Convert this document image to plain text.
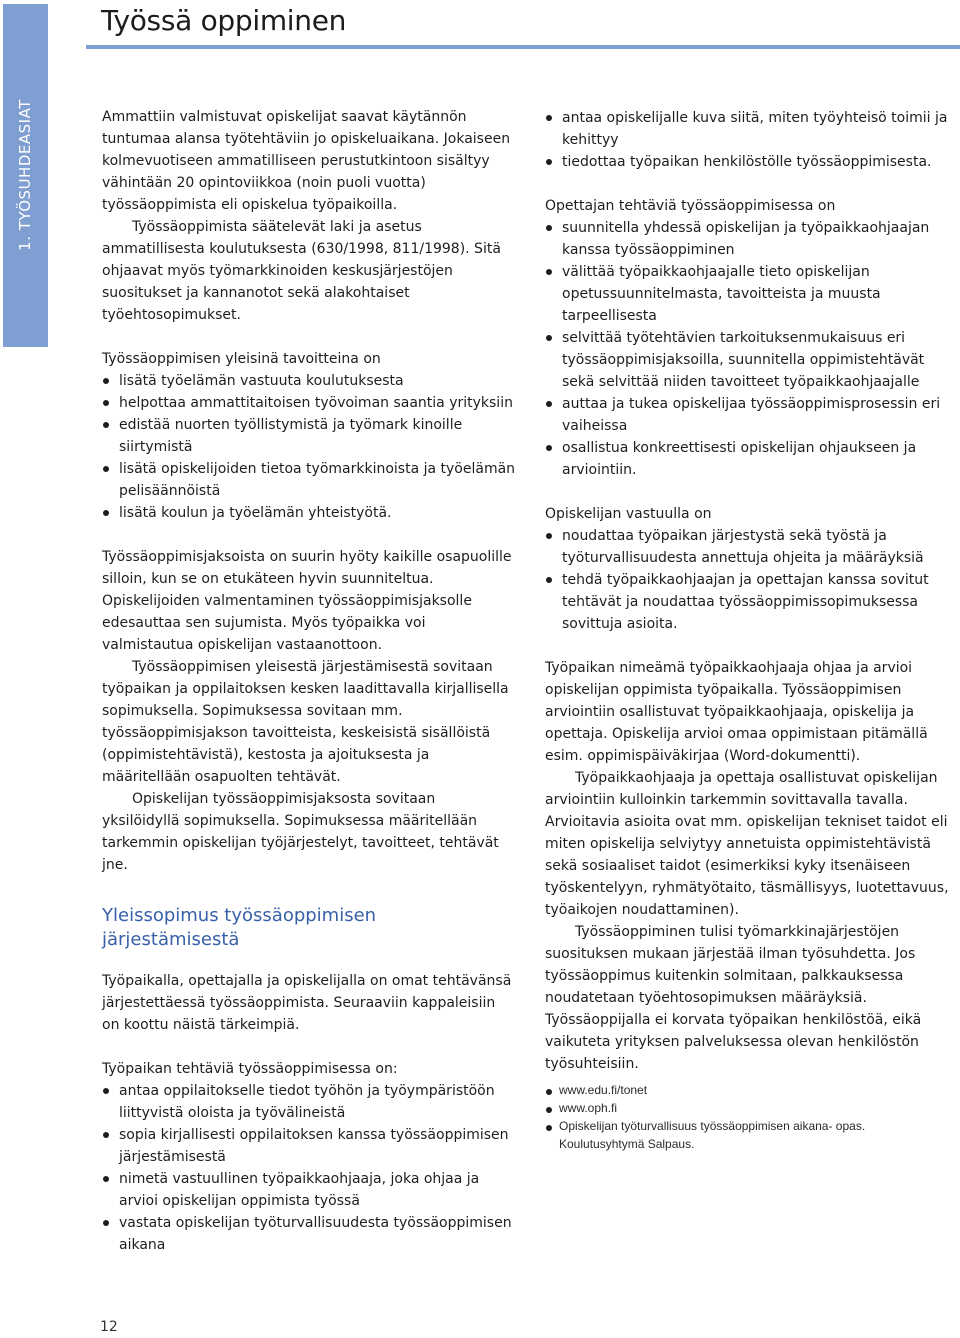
1. TYÖSUHDEASIAT
Työssä oppiminen

Ammattiin valmistuvat opiskelijat saavat käytännön tuntumaa alansa työtehtäviin jo opiskeluaikana. Jokaiseen kolmevuotiseen ammatilliseen perustutkintoon sisältyy vähintään 20 opintoviikkoa (noin puoli vuotta) työssäoppimista eli opiskelua työpaikoilla.

Työssäoppimista säätelevät laki ja asetus ammatillisesta koulutuksesta (630/1998, 811/1998). Sitä ohjaavat myös työmarkkinoiden keskusjärjestöjen suositukset ja kannanotot sekä alakohtaiset työehtosopimukset.

Työssäoppimisen yleisinä tavoitteina on

lisätä työelämän vastuuta koulutuksesta
helpottaa ammattitaitoisen työvoiman saantia yrityksiin
edistää nuorten työllistymistä ja työmark kinoille siirtymistä
lisätä opiskelijoiden tietoa työmarkkinoista ja työelämän pelisäännöistä
lisätä koulun ja työelämän yhteistyötä.

Työssäoppimisjaksoista on suurin hyöty kaikille osapuolille silloin, kun se on etukäteen hyvin suunniteltua. Opiskelijoiden valmentaminen työssäoppimisjaksolle edesauttaa sen sujumista. Myös työpaikka voi valmistautua opiskelijan vastaanottoon.

Työssäoppimisen yleisestä järjestämisestä sovitaan työpaikan ja oppilaitoksen kesken laadittavalla kirjallisella sopimuksella. Sopimuksessa sovitaan mm. työssäoppimisjakson tavoitteista, keskeisistä sisällöistä (oppimistehtävistä), kestosta ja ajoituksesta ja määritellään osapuolten tehtävät.

Opiskelijan työssäoppimisjaksosta sovitaan yksilöidyllä sopimuksella. Sopimuksessa määritellään tarkemmin opiskelijan työjärjestelyt, tavoitteet, tehtävät jne.

Yleissopimus työssäoppimisen järjestämisestä

Työpaikalla, opettajalla ja opiskelijalla on omat tehtävänsä järjestettäessä työssäoppimista. Seuraaviin kappaleisiin on koottu näistä tärkeimpiä.

Työpaikan tehtäviä työssäoppimisessa on:

antaa oppilaitokselle tiedot työhön ja työympäristöön liittyvistä oloista ja työvälineistä
sopia kirjallisesti oppilaitoksen kanssa työssäoppimisen järjestämisestä
nimetä vastuullinen työpaikkaohjaaja, joka ohjaa ja arvioi opiskelijan oppimista työssä
vastata opiskelijan työturvallisuudesta työssäoppimisen aikana
antaa opiskelijalle kuva siitä, miten työyhteisö toimii ja kehittyy
tiedottaa työpaikan henkilöstölle työssäoppimisesta.

Opettajan tehtäviä työssäoppimisessa on

suunnitella yhdessä opiskelijan ja työpaikkaohjaajan kanssa työssäoppiminen
välittää työpaikkaohjaajalle tieto opiskelijan opetussuunnitelmasta, tavoitteista ja muusta tarpeellisesta
selvittää työtehtävien tarkoituksenmukaisuus eri työssäoppimisjaksoilla, suunnitella oppimistehtävät sekä selvittää niiden tavoitteet työpaikkaohjaajalle
auttaa ja tukea opiskelijaa työssäoppimisprosessin eri vaiheissa
osallistua konkreettisesti opiskelijan ohjaukseen ja arviointiin.

Opiskelijan vastuulla on

noudattaa työpaikan järjestystä sekä työstä ja työturvallisuudesta annettuja ohjeita ja määräyksiä
tehdä työpaikkaohjaajan ja opettajan kanssa sovitut tehtävät ja noudattaa työssäoppimissopimuksessa sovittuja asioita.

Työpaikan nimeämä työpaikkaohjaaja ohjaa ja arvioi opiskelijan oppimista työpaikalla. Työssäoppimisen arviointiin osallistuvat työpaikkaohjaaja, opiskelija ja opettaja. Opiskelija arvioi omaa oppimistaan pitämällä esim. oppimispäiväkirjaa (Word-dokumentti).

Työpaikkaohjaaja ja opettaja osallistuvat opiskelijan arviointiin kulloinkin tarkemmin sovittavalla tavalla. Arvioitavia asioita ovat mm. opiskelijan tekniset taidot eli miten opiskelija selviytyy annetuista oppimistehtävistä sekä sosiaaliset taidot (esimerkiksi kyky itsenäiseen työskentelyyn, ryhmätyötaito, täsmällisyys, luotettavuus, työaikojen noudattaminen).

Työssäoppiminen tulisi työmarkkinajärjestöjen suosituksen mukaan järjestää ilman työsuhdetta. Jos työssäoppimus kuitenkin solmitaan, palkkauksessa noudatetaan työehtosopimuksen määräyksiä. Työssäoppijalla ei korvata työpaikan henkilöstöä, eikä vaikuteta yrityksen palveluksessa olevan henkilöstön työsuhteisiin.

www.edu.fi/tonet
www.oph.fi
Opiskelijan työturvallisuus työssäoppimisen aikana- opas. Koulutusyhtymä Salpaus.
12
